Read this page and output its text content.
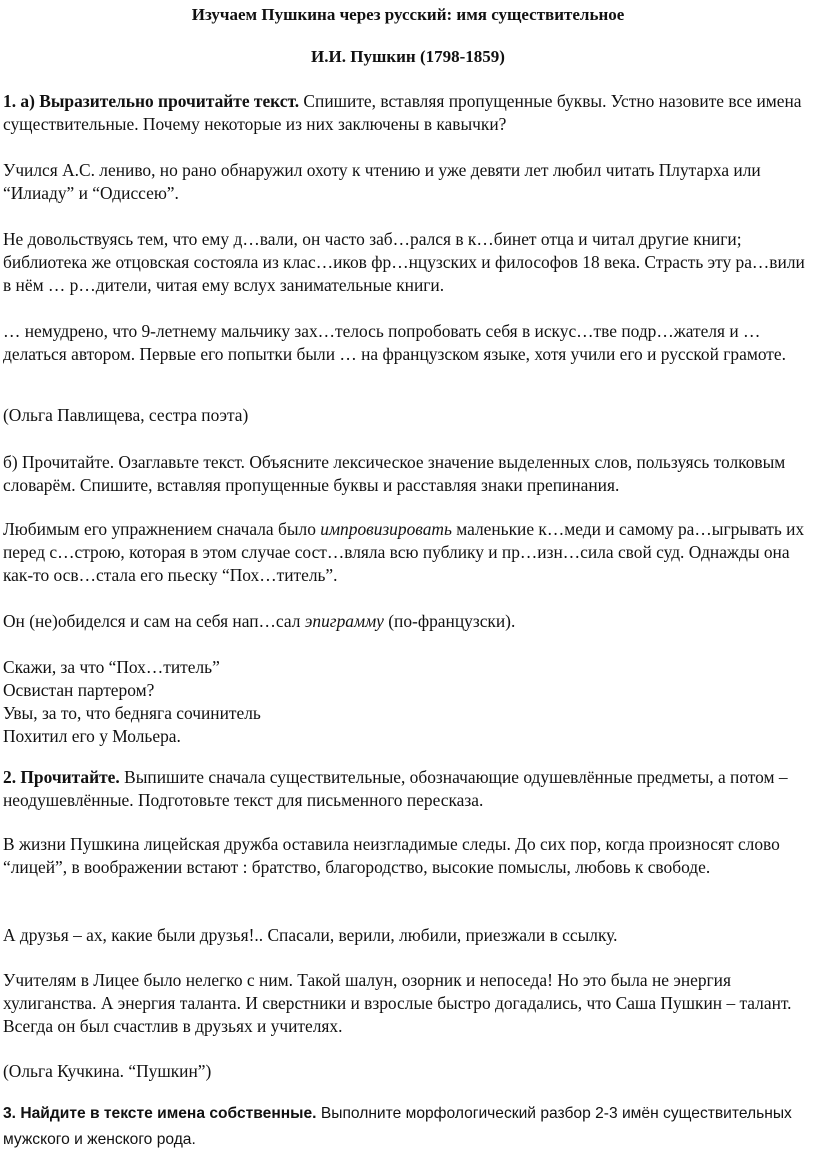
Изучаем Пушкина через русский: имя существительное
И.И. Пушкин (1798-1859)

1. а) Выразительно прочитайте текст. Спишите, вставляя пропущенные буквы. Устно назовите все имена существительные. Почему некоторые из них заключены в кавычки?

Учился А.С. лениво, но рано обнаружил охоту к чтению и уже девяти лет любил читать Плутарха или “Илиаду” и “Одиссею”.

Не довольствуясь тем, что ему д…вали, он часто заб…рался в к…бинет отца и читал другие книги; библиотека же отцовская состояла из клас…иков фр…нцузских и философов 18 века. Страсть эту ра…вили в нём … р…дители, читая ему вслух занимательные книги.

… немудрено, что 9-летнему мальчику зах…телось попробовать себя в искус…тве подр…жателя и …делаться автором. Первые его попытки были … на французском языке, хотя учили его и русской грамоте.

(Ольга Павлищева, сестра поэта)

б) Прочитайте. Озаглавьте текст. Объясните лексическое значение выделенных слов, пользуясь толковым словарём. Спишите, вставляя пропущенные буквы и расставляя знаки препинания.

Любимым его упражнением сначала было импровизировать маленькие к…меди и самому ра…ыгрывать их перед с…строю, которая в этом случае сост…вляла всю публику и пр…изн…сила свой суд. Однажды она как-то осв…стала его пьеску “Пох…титель”.

Он (не)обиделся и сам на себя нап…сал эпиграмму (по-французски).

Скажи, за что “Пох…титель”
Освистан партером?
Увы, за то, что бедняга сочинитель
Похитил его у Мольера.

2. Прочитайте. Выпишите сначала существительные, обозначающие одушевлённые предметы, а потом – неодушевлённые. Подготовьте текст для письменного пересказа.

В жизни Пушкина лицейская дружба оставила неизгладимые следы. До сих пор, когда произносят слово “лицей”, в воображении встают : братство, благородство, высокие помыслы, любовь к свободе.

А друзья – ах, какие были друзья!.. Спасали, верили, любили, приезжали в ссылку.

Учителям в Лицее было нелегко с ним. Такой шалун, озорник и непоседа! Но это была не энергия хулиганства. А энергия таланта. И сверстники и взрослые быстро догадались, что Саша Пушкин – талант. Всегда он был счастлив в друзьях и учителях.

(Ольга Кучкина. “Пушкин”)

3. Найдите в тексте имена собственные. Выполните морфологический разбор 2-3 имён существительных мужского и женского рода.
